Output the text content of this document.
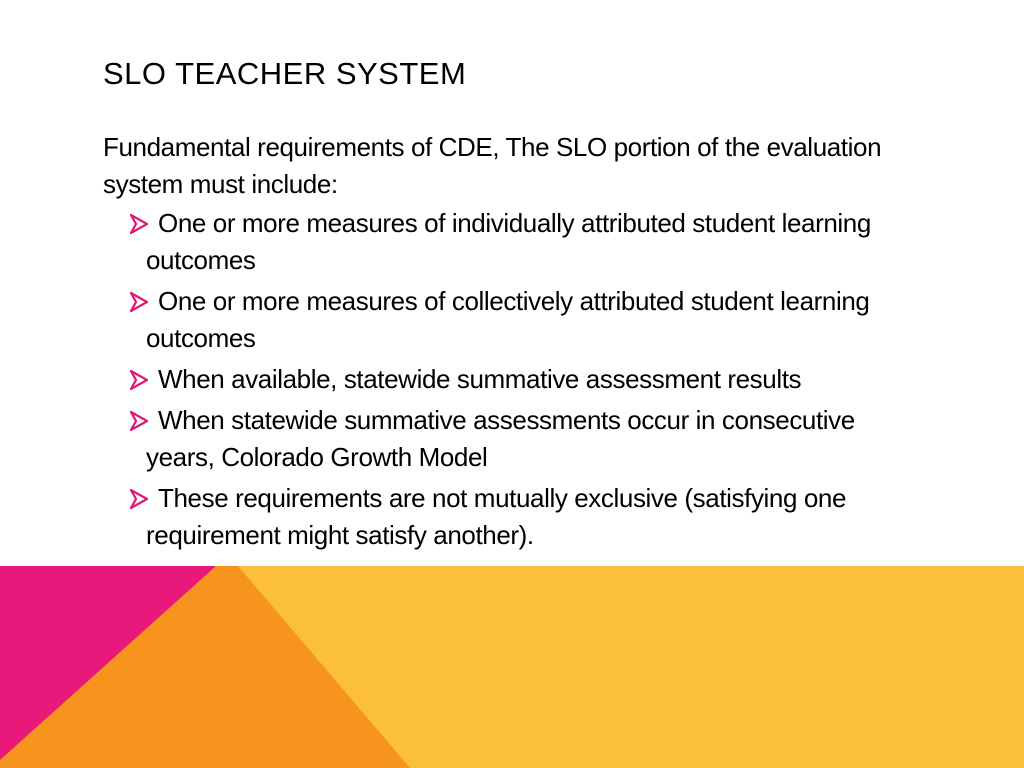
SLO TEACHER SYSTEM

Fundamental requirements of CDE, The SLO portion of the evaluation system must include:

One or more measures of individually attributed student learning outcomes
One or more measures of collectively attributed student learning outcomes
When available, statewide summative assessment results
When statewide summative assessments occur in consecutive years, Colorado Growth Model
These requirements are not mutually exclusive (satisfying one requirement might satisfy another).
